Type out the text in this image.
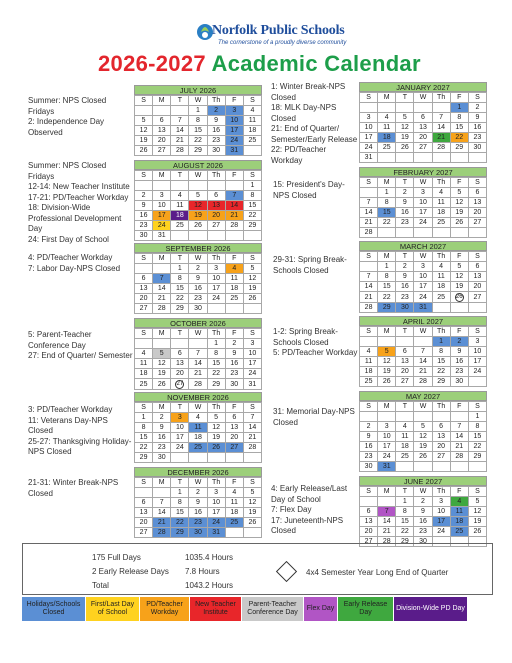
Norfolk Public Schools
The cornerstone of a proudly diverse community
2026-2027 Academic Calendar
Summer: NPS Closed Fridays
2: Independence Day Observed
Summer: NPS Closed Fridays
12-14: New Teacher Institute
17-21: PD/Teacher Workday
18: Division-Wide Professional Development Day
24: First Day of School
4: PD/Teacher Workday
7: Labor Day-NPS Closed
5: Parent-Teacher Conference Day
27: End of Quarter/ Semester
3: PD/Teacher Workday
11: Veterans Day-NPS Closed
25-27: Thanksgiving Holiday-NPS Closed
21-31: Winter Break-NPS Closed
1: Winter Break-NPS Closed
18: MLK Day-NPS Closed
21: End of Quarter/ Semester/Early Release
22: PD/Teacher Workday
15: President's Day-NPS Closed
29-31: Spring Break-Schools Closed
1-2: Spring Break-Schools Closed
5: PD/Teacher Workday
31: Memorial Day-NPS Closed
4: Early Release/Last Day of School
7: Flex Day
17: Juneteenth-NPS Closed
JULY 2026
S	M	T	W	Th	F	S
			1	2	3	4
5	6	7	8	9	10	11
12	13	14	15	16	17	18
19	20	21	22	23	24	25
26	27	28	29	30	31	
AUGUST 2026
S	M	T	W	Th	F	S
						1
2	3	4	5	6	7	8
9	10	11	12	13	14	15
16	17	18	19	20	21	22
23	24	25	26	27	28	29
30	31					
SEPTEMBER 2026
S	M	T	W	Th	F	S
		1	2	3	4	5
6	7	8	9	10	11	12
13	14	15	16	17	18	19
20	21	22	23	24	25	26
27	28	29	30			
OCTOBER 2026
S	M	T	W	Th	F	S
				1	2	3
4	5	6	7	8	9	10
11	12	13	14	15	16	17
18	19	20	21	22	23	24
25	26	27	28	29	30	31
NOVEMBER 2026
S	M	T	W	Th	F	S
1	2	3	4	5	6	7
8	9	10	11	12	13	14
15	16	17	18	19	20	21
22	23	24	25	26	27	28
29	30					
DECEMBER 2026
S	M	T	W	Th	F	S
		1	2	3	4	5
6	7	8	9	10	11	12
13	14	15	16	17	18	19
20	21	22	23	24	25	26
27	28	29	30	31		
JANUARY 2027
S	M	T	W	Th	F	S
					1	2
3	4	5	6	7	8	9
10	11	12	13	14	15	16
17	18	19	20	21	22	23
24	25	26	27	28	29	30
31						
FEBRUARY 2027
S	M	T	W	Th	F	S
	1	2	3	4	5	6
7	8	9	10	11	12	13
14	15	16	17	18	19	20
21	22	23	24	25	26	27
28						
MARCH 2027
S	M	T	W	Th	F	S
	1	2	3	4	5	6
7	8	9	10	11	12	13
14	15	16	17	18	19	20
21	22	23	24	25	26	27
28	29	30	31			
APRIL 2027
S	M	T	W	Th	F	S
				1	2	3
4	5	6	7	8	9	10
11	12	13	14	15	16	17
18	19	20	21	22	23	24
25	26	27	28	29	30	
MAY 2027
S	M	T	W	Th	F	S
						1
2	3	4	5	6	7	8
9	10	11	12	13	14	15
16	17	18	19	20	21	22
23	24	25	26	27	28	29
30	31					
JUNE 2027
S	M	T	W	Th	F	S
		1	2	3	4	5
6	7	8	9	10	11	12
13	14	15	16	17	18	19
20	21	22	23	24	25	26
27	28	29	30			
175 Full Days	1035.4 Hours
2 Early Release Days 7.8 Hours
Total	1043.2 Hours
4x4 Semester Year Long End of Quarter
Holidays/Schools Closed
First/Last Day of School
PD/Teacher Workday
New Teacher Institute
Parent-Teacher Conference Day
Flex Day
Early Release Day
Division-Wide PD Day
